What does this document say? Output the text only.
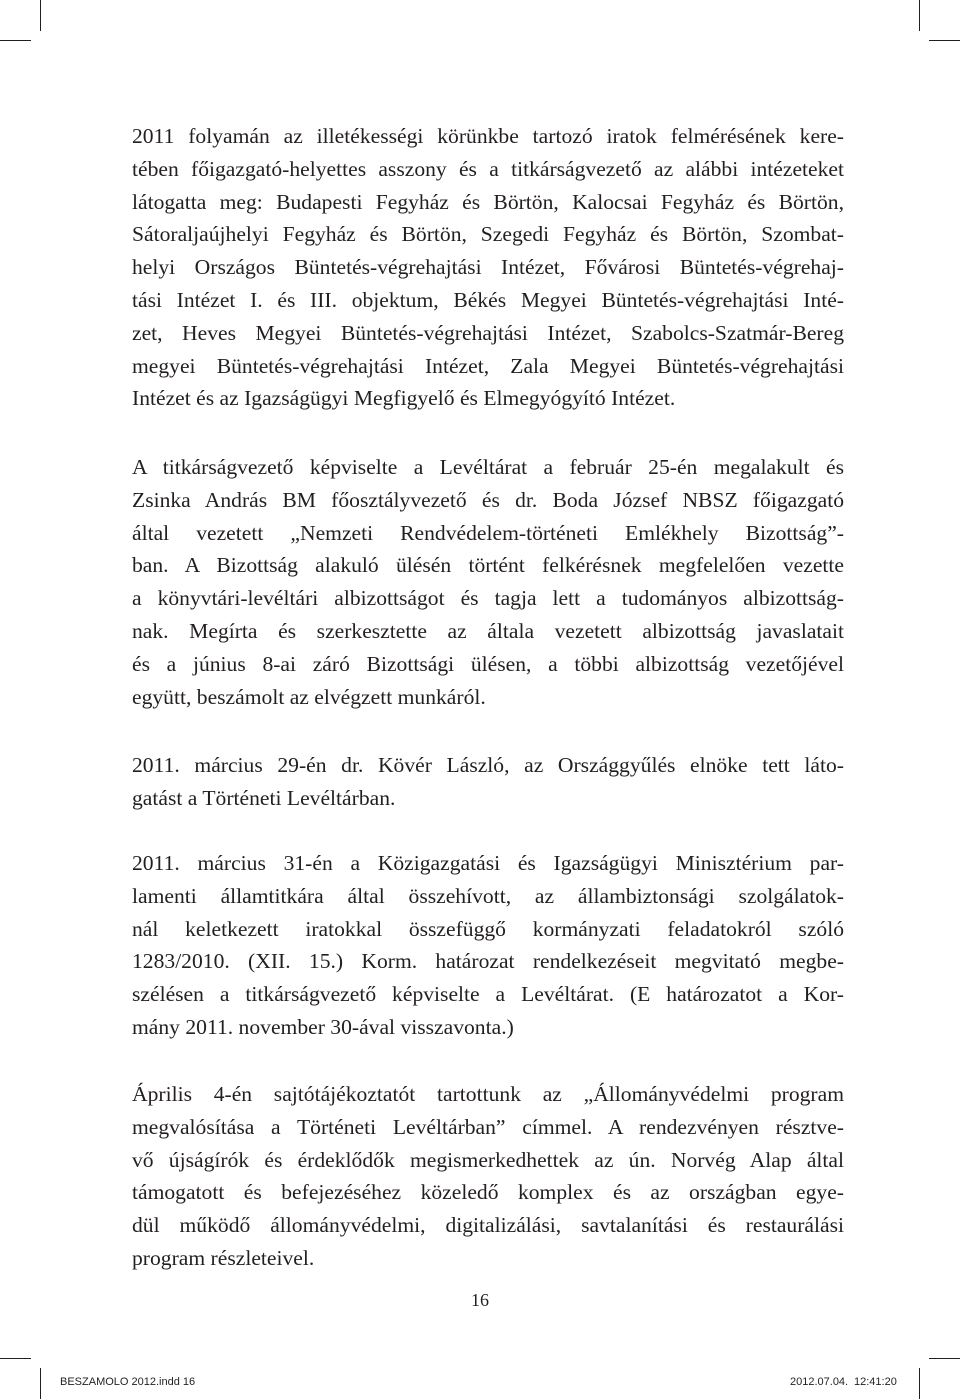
2011 folyamán az illetékességi körünkbe tartozó iratok felmérésének kere-
tében főigazgató-helyettes asszony és a titkárságvezető az alábbi intézeteket
látogatta meg: Budapesti Fegyház és Börtön, Kalocsai Fegyház és Börtön,
Sátoraljaújhelyi Fegyház és Börtön, Szegedi Fegyház és Börtön, Szombat-
helyi Országos Büntetés-végrehajtási Intézet, Fővárosi Büntetés-végrehaj-
tási Intézet I. és III. objektum, Békés Megyei Büntetés-végrehajtási Inté-
zet, Heves Megyei Büntetés-végrehajtási Intézet, Szabolcs-Szatmár-Bereg
megyei Büntetés-végrehajtási Intézet, Zala Megyei Büntetés-végrehajtási
Intézet és az Igazságügyi Megfigyelő és Elmegyógyító Intézet.
A titkárságvezető képviselte a Levéltárat a február 25-én megalakult és
Zsinka András BM főosztályvezető és dr. Boda József NBSZ főigazgató
által vezetett „Nemzeti Rendvédelem-történeti Emlékhely Bizottság”-
ban. A Bizottság alakuló ülésén történt felkérésnek megfelelően vezette
a könyvtári-levéltári albizottságot és tagja lett a tudományos albizottság-
nak. Megírta és szerkesztette az általa vezetett albizottság javaslatait
és a június 8-ai záró Bizottsági ülésen, a többi albizottság vezetőjével
együtt, beszámolt az elvégzett munkáról.
2011. március 29-én dr. Kövér László, az Országgyűlés elnöke tett láto-
gatást a Történeti Levéltárban.
2011. március 31-én a Közigazgatási és Igazságügyi Minisztérium par-
lamenti államtitkára által összehívott, az állambiztonsági szolgálatok-
nál keletkezett iratokkal összefüggő kormányzati feladatokról szóló
1283/2010. (XII. 15.) Korm. határozat rendelkezéseit megvitató megbe-
szélésen a titkárságvezető képviselte a Levéltárat. (E határozatot a Kor-
mány 2011. november 30-ával visszavonta.)
Április 4-én sajtótájékoztatót tartottunk az „Állományvédelmi program
megvalósítása a Történeti Levéltárban” címmel. A rendezvényen résztve-
vő újságírók és érdeklődők megismerkedhettek az ún. Norvég Alap által
támogatott és befejezéséhez közeledő komplex és az országban egye-
dül működő állományvédelmi, digitalizálási, savtalanítási és restaurálási
program részleteivel.
16
BESZAMOLO 2012.indd 16	2012.07.04. 12:41:20
